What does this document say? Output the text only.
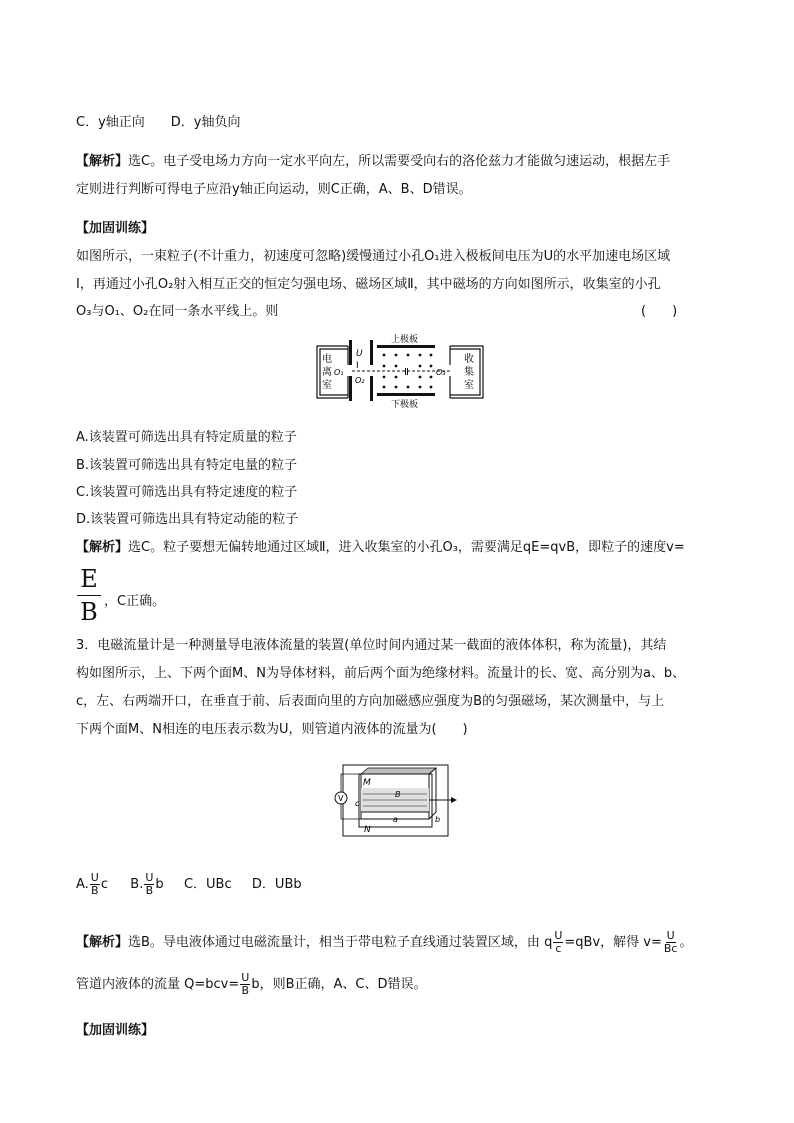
C．y轴正向　　D．y轴负向
【解析】选C。电子受电场力方向一定水平向左，所以需要受向右的洛伦兹力才能做匀速运动，根据左手
定则进行判断可得电子应沿y轴正向运动，则C正确，A、B、D错误。
【加固训练】
如图所示，一束粒子(不计重力，初速度可忽略)缓慢通过小孔O₁进入极板间电压为U的水平加速电场区域
Ⅰ，再通过小孔O₂射入相互正交的恒定匀强电场、磁场区域Ⅱ，其中磁场的方向如图所示，收集室的小孔
O₃与O₁、O₂在同一条水平线上。则	(　　)
电
离
室
O₁
U
Ⅰ
O₂
上极板
下极板
Ⅱ	O₃
收
集
室
A.该装置可筛选出具有特定质量的粒子
B.该装置可筛选出具有特定电量的粒子
C.该装置可筛选出具有特定速度的粒子
D.该装置可筛选出具有特定动能的粒子
【解析】选C。粒子要想无偏转地通过区域Ⅱ，进入收集室的小孔O₃，需要满足qE=qvB，即粒子的速度v=
E
B ，C正确。
3．电磁流量计是一种测量导电液体流量的装置(单位时间内通过某一截面的液体体积，称为流量)，其结
构如图所示，上、下两个面M、N为导体材料，前后两个面为绝缘材料。流量计的长、宽、高分别为a、b、
c，左、右两端开口，在垂直于前、后表面向里的方向加磁感应强度为B的匀强磁场，某次测量中，与上
下两个面M、N相连的电压表示数为U，则管道内液体的流量为(　　)
M
N
B
a	b
c
V
A. $\frac{U}{B}$ c B. $\frac{U}{B}$ b C．UBc D．UBb
【解析】选B。导电液体通过电磁流量计，相当于带电粒子直线通过装置区域，由 q $\frac{U}{c} =qBv$，解得 $v= \frac{U}{Bc}$ 。
管道内液体的流量 $Q=bcv= \frac{U}{B}$ b，则B正确，A、C、D错误。
【加固训练】
